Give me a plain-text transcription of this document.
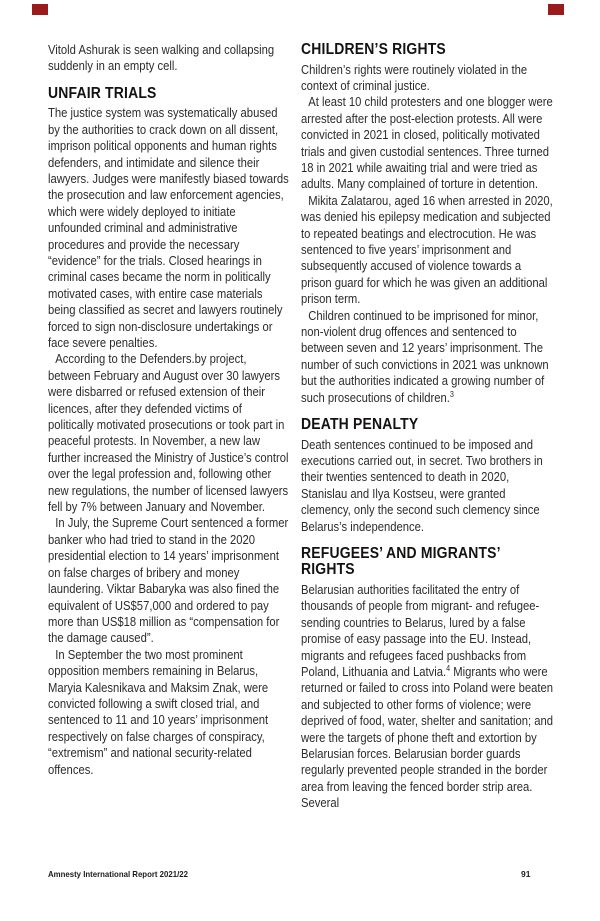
Vitold Ashurak is seen walking and collapsing suddenly in an empty cell.

UNFAIR TRIALS

The justice system was systematically abused by the authorities to crack down on all dissent, imprison political opponents and human rights defenders, and intimidate and silence their lawyers. Judges were manifestly biased towards the prosecution and law enforcement agencies, which were widely deployed to initiate unfounded criminal and administrative procedures and provide the necessary “evidence” for the trials. Closed hearings in criminal cases became the norm in politically motivated cases, with entire case materials being classified as secret and lawyers routinely forced to sign non-disclosure undertakings or face severe penalties.

According to the Defenders.by project, between February and August over 30 lawyers were disbarred or refused extension of their licences, after they defended victims of politically motivated prosecutions or took part in peaceful protests. In November, a new law further increased the Ministry of Justice’s control over the legal profession and, following other new regulations, the number of licensed lawyers fell by 7% between January and November.

In July, the Supreme Court sentenced a former banker who had tried to stand in the 2020 presidential election to 14 years’ imprisonment on false charges of bribery and money laundering. Viktar Babaryka was also fined the equivalent of US$57,000 and ordered to pay more than US$18 million as “compensation for the damage caused”.

In September the two most prominent opposition members remaining in Belarus, Maryia Kalesnikava and Maksim Znak, were convicted following a swift closed trial, and sentenced to 11 and 10 years’ imprisonment respectively on false charges of conspiracy, “extremism” and national security-related offences.

CHILDREN’S RIGHTS

Children’s rights were routinely violated in the context of criminal justice.

At least 10 child protesters and one blogger were arrested after the post-election protests. All were convicted in 2021 in closed, politically motivated trials and given custodial sentences. Three turned 18 in 2021 while awaiting trial and were tried as adults. Many complained of torture in detention.

Mikita Zalatarou, aged 16 when arrested in 2020, was denied his epilepsy medication and subjected to repeated beatings and electrocution. He was sentenced to five years’ imprisonment and subsequently accused of violence towards a prison guard for which he was given an additional prison term.

Children continued to be imprisoned for minor, non-violent drug offences and sentenced to between seven and 12 years’ imprisonment. The number of such convictions in 2021 was unknown but the authorities indicated a growing number of such prosecutions of children.$^3$

DEATH PENALTY

Death sentences continued to be imposed and executions carried out, in secret. Two brothers in their twenties sentenced to death in 2020, Stanislau and Ilya Kostseu, were granted clemency, only the second such clemency since Belarus’s independence.

REFUGEES’ AND MIGRANTS’ RIGHTS

Belarusian authorities facilitated the entry of thousands of people from migrant- and refugee-sending countries to Belarus, lured by a false promise of easy passage into the EU. Instead, migrants and refugees faced pushbacks from Poland, Lithuania and Latvia.$^4$ Migrants who were returned or failed to cross into Poland were beaten and subjected to other forms of violence; were deprived of food, water, shelter and sanitation; and were the targets of phone theft and extortion by Belarusian forces. Belarusian border guards regularly prevented people stranded in the border area from leaving the fenced border strip area. Several

Amnesty International Report 2021/22	91
